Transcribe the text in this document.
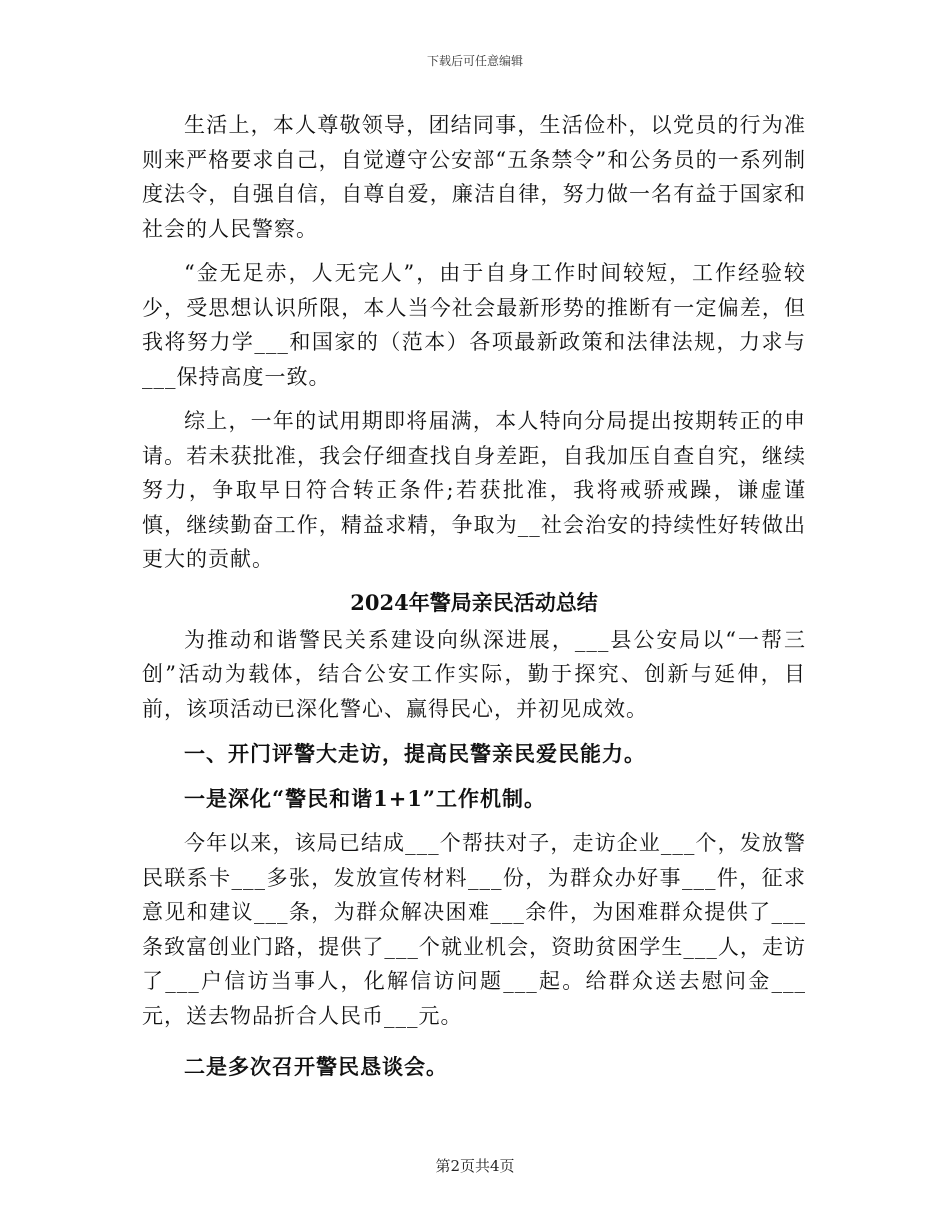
下载后可任意编辑

生活上，本人尊敬领导，团结同事，生活俭朴，以党员的行为准则来严格要求自己，自觉遵守公安部“五条禁令”和公务员的一系列制度法令，自强自信，自尊自爱，廉洁自律，努力做一名有益于国家和社会的人民警察。

“金无足赤，人无完人”，由于自身工作时间较短，工作经验较少，受思想认识所限，本人当今社会最新形势的推断有一定偏差，但我将努力学___和国家的（范本）各项最新政策和法律法规，力求与___保持高度一致。

综上，一年的试用期即将届满，本人特向分局提出按期转正的申请。若未获批准，我会仔细查找自身差距，自我加压自查自究，继续努力，争取早日符合转正条件;若获批准，我将戒骄戒躁，谦虚谨慎，继续勤奋工作，精益求精，争取为__社会治安的持续性好转做出更大的贡献。

2024年警局亲民活动总结

为推动和谐警民关系建设向纵深进展，___县公安局以“一帮三创”活动为载体，结合公安工作实际，勤于探究、创新与延伸，目前，该项活动已深化警心、赢得民心，并初见成效。

一、开门评警大走访，提高民警亲民爱民能力。
一是深化“警民和谐1+1”工作机制。

今年以来，该局已结成___个帮扶对子，走访企业___个，发放警民联系卡___多张，发放宣传材料___份，为群众办好事___件，征求意见和建议___条，为群众解决困难___余件，为困难群众提供了___条致富创业门路，提供了___个就业机会，资助贫困学生___人，走访了___户信访当事人，化解信访问题___起。给群众送去慰问金___元，送去物品折合人民币___元。

二是多次召开警民恳谈会。
第2页共4页
